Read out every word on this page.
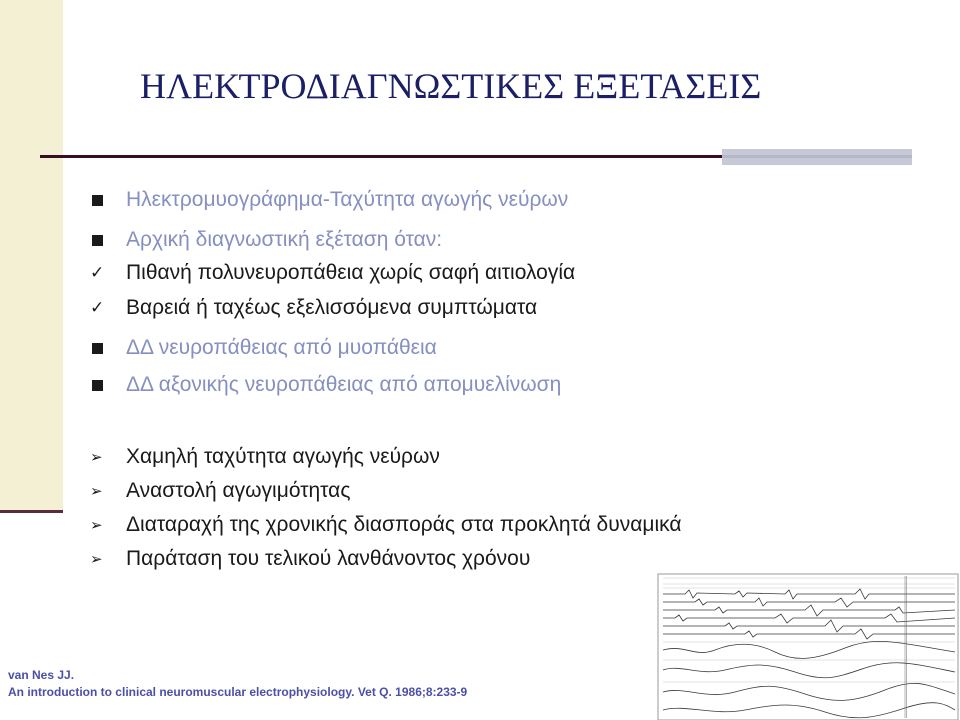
ΗΛΕΚΤΡΟΔΙΑΓΝΩΣΤΙΚΕΣ ΕΞΕΤΑΣΕΙΣ
Ηλεκτρομυογράφημα-Ταχύτητα αγωγής νεύρων
Αρχική διαγνωστική εξέταση όταν:
✓ Πιθανή πολυνευροπάθεια χωρίς σαφή αιτιολογία
✓ Βαρειά ή ταχέως εξελισσόμενα συμπτώματα
ΔΔ νευροπάθειας από μυοπάθεια
ΔΔ αξονικής νευροπάθειας από απομυελίνωση
➢ Χαμηλή ταχύτητα αγωγής νεύρων
➢ Αναστολή αγωγιμότητας
➢ Διαταραχή της χρονικής διασποράς στα προκλητά δυναμικά
➢ Παράταση του τελικού λανθάνοντος χρόνου
van Nes JJ.
An introduction to clinical neuromuscular electrophysiology. Vet Q. 1986;8:233-9
